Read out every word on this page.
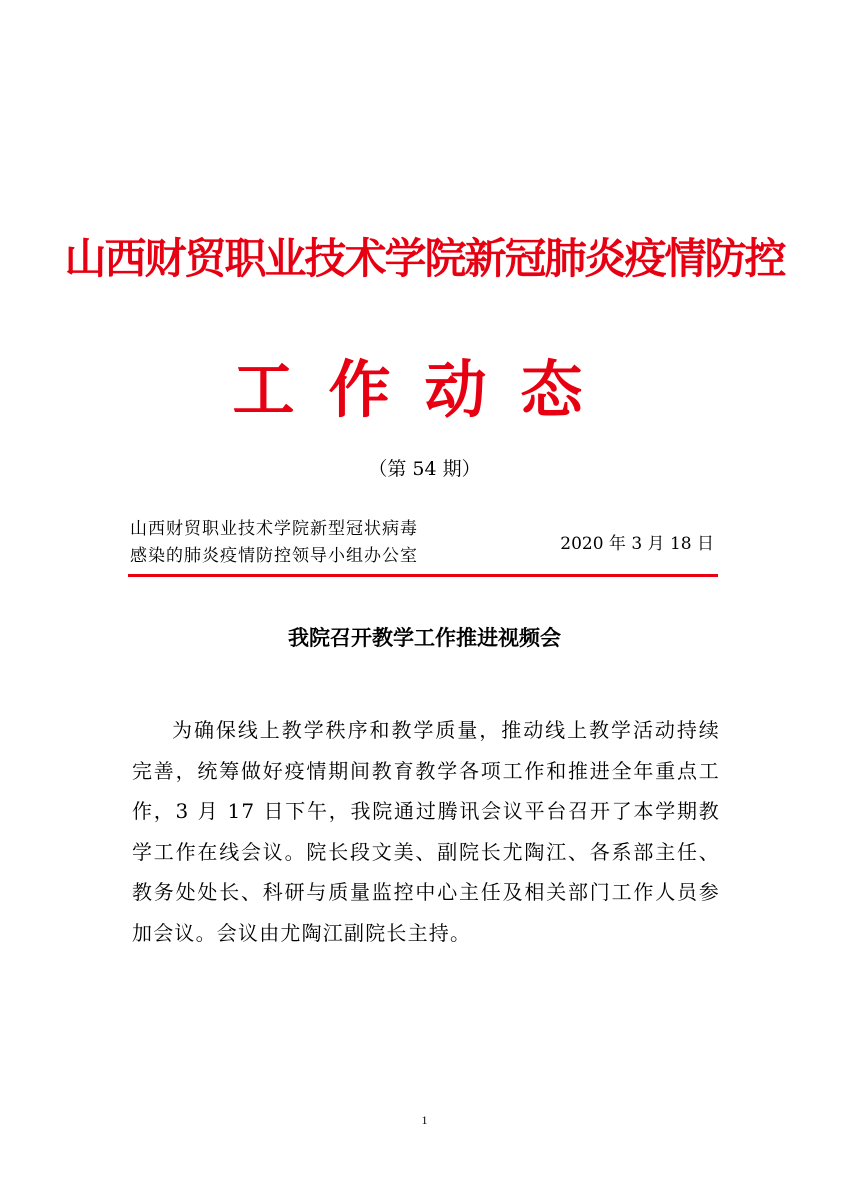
山西财贸职业技术学院新冠肺炎疫情防控
工作动态
（第 54 期）
山西财贸职业技术学院新型冠状病毒
感染的肺炎疫情防控领导小组办公室
2020 年 3 月 18 日
我院召开教学工作推进视频会

为确保线上教学秩序和教学质量，推动线上教学活动持续完善，统筹做好疫情期间教育教学各项工作和推进全年重点工作，3 月 17 日下午，我院通过腾讯会议平台召开了本学期教学工作在线会议。院长段文美、副院长尤陶江、各系部主任、教务处处长、科研与质量监控中心主任及相关部门工作人员参加会议。会议由尤陶江副院长主持。

1
